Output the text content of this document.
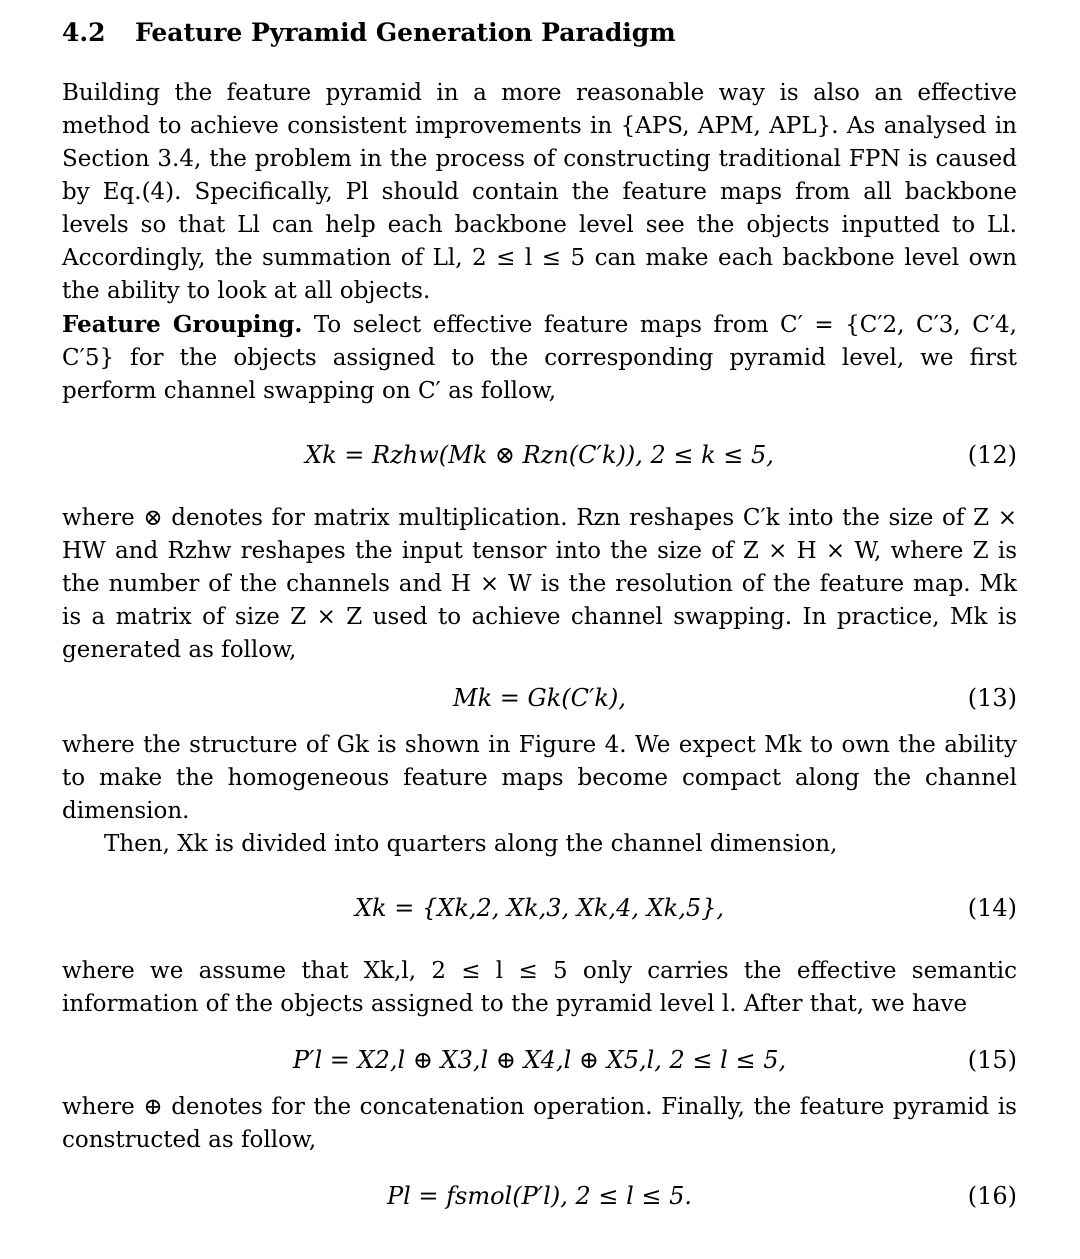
4.2	Feature Pyramid Generation Paradigm

Building the feature pyramid in a more reasonable way is also an effective method to achieve consistent improvements in {APS, APM, APL}. As analysed in Section 3.4, the problem in the process of constructing traditional FPN is caused by Eq.(4). Specifically, Pl should contain the feature maps from all backbone levels so that Ll can help each backbone level see the objects inputted to Ll. Accordingly, the summation of Ll, 2 ≤ l ≤ 5 can make each backbone level own the ability to look at all objects.

Feature Grouping. To select effective feature maps from C′ = {C′2, C′3, C′4, C′5} for the objects assigned to the corresponding pyramid level, we first perform channel swapping on C′ as follow,

Xk = Rzhw(Mk ⊗ Rzn(C′k)), 2 ≤ k ≤ 5,	(12)

where ⊗ denotes for matrix multiplication. Rzn reshapes C′k into the size of Z × HW and Rzhw reshapes the input tensor into the size of Z × H × W, where Z is the number of the channels and H × W is the resolution of the feature map. Mk is a matrix of size Z × Z used to achieve channel swapping. In practice, Mk is generated as follow,

Mk = Gk(C′k),	(13)

where the structure of Gk is shown in Figure 4. We expect Mk to own the ability to make the homogeneous feature maps become compact along the channel dimension.

Then, Xk is divided into quarters along the channel dimension,

Xk = {Xk,2, Xk,3, Xk,4, Xk,5},	(14)

where we assume that Xk,l, 2 ≤ l ≤ 5 only carries the effective semantic information of the objects assigned to the pyramid level l. After that, we have

P′l = X2,l ⊕ X3,l ⊕ X4,l ⊕ X5,l, 2 ≤ l ≤ 5,	(15)

where ⊕ denotes for the concatenation operation. Finally, the feature pyramid is constructed as follow,

Pl = fsmol(P′l), 2 ≤ l ≤ 5.	(16)
